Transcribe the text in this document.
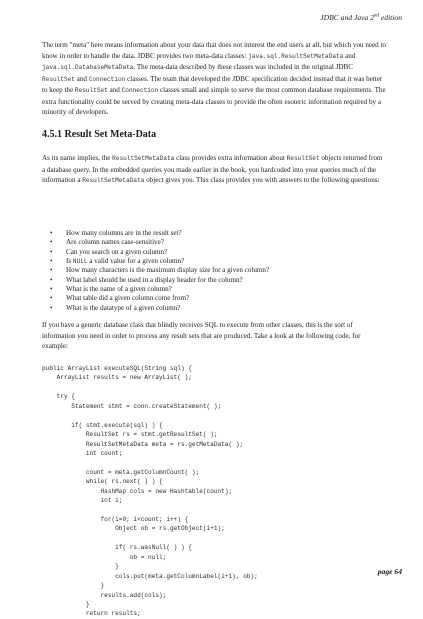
JDBC and Java 2nd edition

The term "meta" here means information about your data that does not interest the end users at all, but which you need to know in order to handle the data. JDBC provides two meta-data classes: java.sql.ResultSetMetaData and java.sql.DatabaseMetaData. The meta-data described by these classes was included in the original JDBC ResultSet and Connection classes. The team that developed the JDBC specification decided instead that it was better to keep the ResultSet and Connection classes small and simple to serve the most common database requirements. The extra functionality could be served by creating meta-data classes to provide the often esoteric information required by a minority of developers.

4.5.1 Result Set Meta-Data

As its name implies, the ResultSetMetaData class provides extra information about ResultSet objects returned from a database query. In the embedded queries you made earlier in the book, you hardcoded into your queries much of the information a ResultSetMetaData object gives you. This class provides you with answers to the following questions:

• How many columns are in the result set?
• Are column names case-sensitive?
• Can you search on a given column?
• Is NULL a valid value for a given column?
• How many characters is the maximum display size for a given column?
• What label should be used in a display header for the column?
• What is the name of a given column?
• What table did a given column come from?
• What is the datatype of a given column?

If you have a generic database class that blindly receives SQL to execute from other classes, this is the sort of information you need in order to process any result sets that are produced. Take a look at the following code, for example:

public ArrayList executeSQL(String sql) {
ArrayList results = new ArrayList( );

try {
Statement stmt = conn.createStatement( );

if( stmt.execute(sql) ) {
ResultSet rs = stmt.getResultSet( );
ResultSetMetaData meta = rs.getMetaData( );
int count;

count = meta.getColumnCount( );
while( rs.next( ) ) {
HashMap cols = new Hashtable(count);
int i;

for(i=0; i<count; i++) {
Object ob = rs.getObject(i+1);

if( rs.wasNull( ) ) {
ob = null;
}
cols.put(meta.getColumnLabel(i+1), ob);
}
results.add(cols);
}
return results;
page 64
